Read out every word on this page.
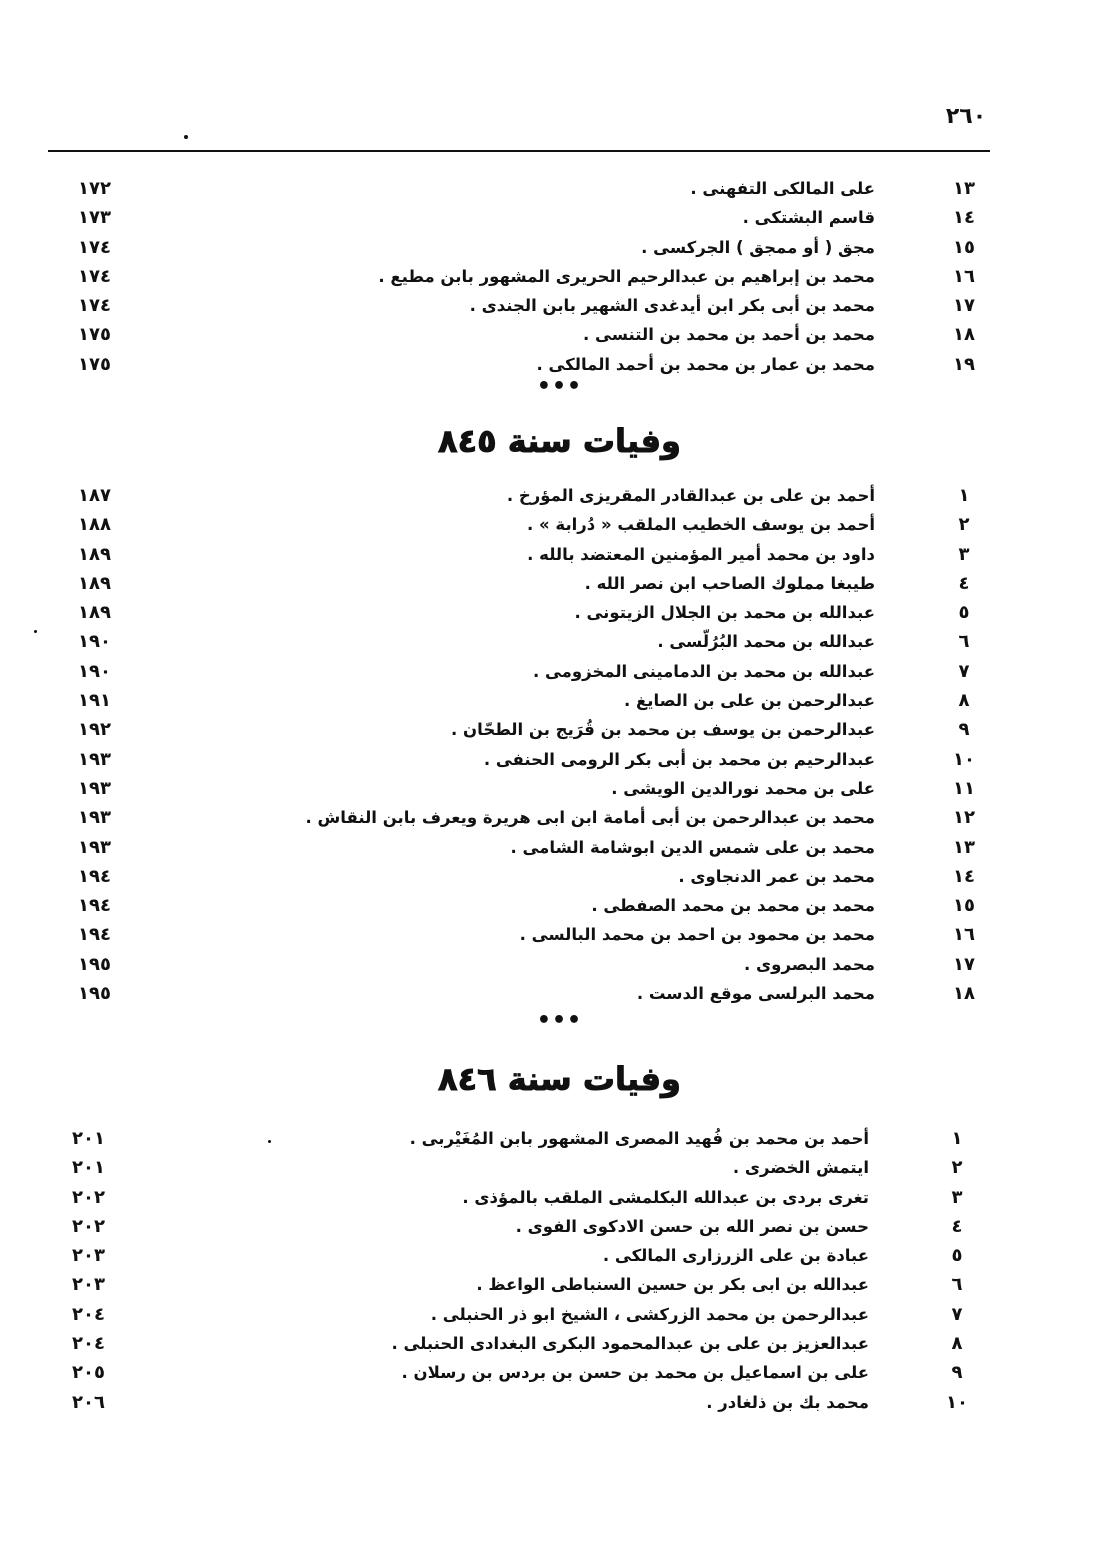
٢٦٠
١٣
على المالكى التفهنى .
١٧٢
١٤
قاسم البشتكى .
١٧٣
١٥
مجق ( أو ممجق ) الجركسى .
١٧٤
١٦
محمد بن إبراهيم بن عبدالرحيم الحريرى المشهور بابن مطيع .
١٧٤
١٧
محمد بن أبى بكر ابن أيدغدى الشهير بابن الجندى .
١٧٤
١٨
محمد بن أحمد بن محمد بن التنسى .
١٧٥
١٩
محمد بن عمار بن محمد بن أحمد المالكى .
١٧٥
•••
وفيات سنة ٨٤٥
١
أحمد بن على بن عبدالقادر المقريزى المؤرخ .
١٨٧
٢
أحمد بن يوسف الخطيب الملقب « دُرابة » .
١٨٨
٣
داود بن محمد أمير المؤمنين المعتضد بالله .
١٨٩
٤
طيبغا مملوك الصاحب ابن نصر الله .
١٨٩
٥
عبدالله بن محمد بن الجلال الزيتونى .
١٨٩
٦
عبدالله بن محمد البُرُلّسى .
١٩٠
٧
عبدالله بن محمد بن الدمامينى المخزومى .
١٩٠
٨
عبدالرحمن بن على بن الصايغ .
١٩١
٩
عبدالرحمن بن يوسف بن محمد بن قُرَيج بن الطحّان .
١٩٢
١٠
عبدالرحيم بن محمد بن أبى بكر الرومى الحنفى .
١٩٣
١١
على بن محمد نورالدين الويشى .
١٩٣
١٢
محمد بن عبدالرحمن بن أبى أمامة ابن ابى هريرة ويعرف بابن النقاش .
١٩٣
١٣
محمد بن على شمس الدين ابوشامة الشامى .
١٩٣
١٤
محمد بن عمر الدنجاوى .
١٩٤
١٥
محمد بن محمد بن محمد الصفطى .
١٩٤
١٦
محمد بن محمود بن احمد بن محمد البالسى .
١٩٤
١٧
محمد البصروى .
١٩٥
١٨
محمد البرلسى موقع الدست .
١٩٥
•••
وفيات سنة ٨٤٦
١
أحمد بن محمد بن فُهيد المصرى المشهور بابن المُغَيْربى .
٢٠١
٢
ايتمش الخضرى .
٢٠١
٣
تغرى بردى بن عبدالله البكلمشى الملقب بالمؤذى .
٢٠٢
٤
حسن بن نصر الله بن حسن الادكوى الفوى .
٢٠٢
٥
عبادة بن على الزرزارى المالكى .
٢٠٣
٦
عبدالله بن ابى بكر بن حسين السنباطى الواعظ .
٢٠٣
٧
عبدالرحمن بن محمد الزركشى ، الشيخ ابو ذر الحنبلى .
٢٠٤
٨
عبدالعزيز بن على بن عبدالمحمود البكرى البغدادى الحنبلى .
٢٠٤
٩
على بن اسماعيل بن محمد بن حسن بن بردس بن رسلان .
٢٠٥
١٠
محمد بك بن ذلغادر .
٢٠٦
